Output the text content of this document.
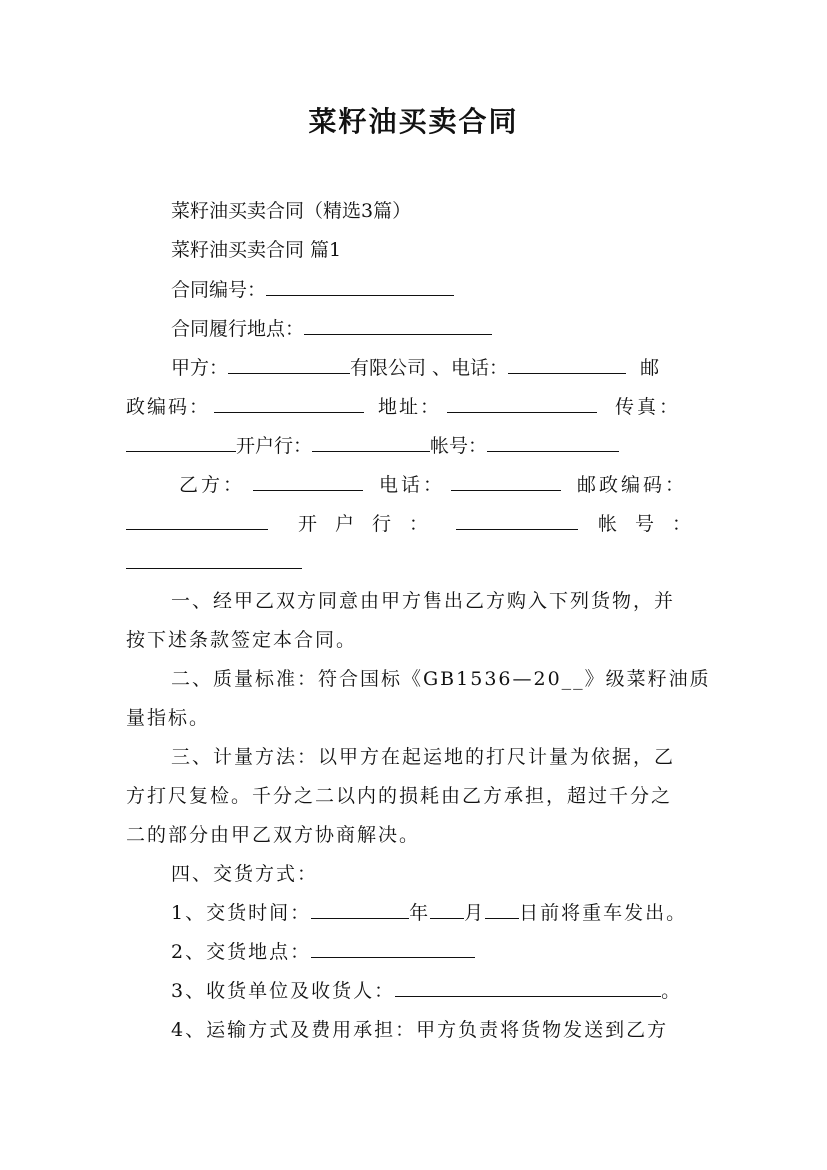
菜籽油买卖合同
菜籽油买卖合同（精选3篇）
菜籽油买卖合同 篇1
合同编号：
合同履行地点：
甲方：	有限公司 、电话：	邮
政编码：	地址：	传真：
开户行：	帐号：
乙方：	电话：	邮政编码：
开户行：	帐号：
一、经甲乙双方同意由甲方售出乙方购入下列货物，并
按下述条款签定本合同。
二、质量标准：符合国标《GB1536—20__》级菜籽油质
量指标。
三、计量方法：以甲方在起运地的打尺计量为依据，乙
方打尺复检。千分之二以内的损耗由乙方承担，超过千分之
二的部分由甲乙双方协商解决。
四、交货方式：
1、交货时间：	年 月 日前将重车发出。
2、交货地点：
3、收货单位及收货人：	。
4、运输方式及费用承担：甲方负责将货物发送到乙方
